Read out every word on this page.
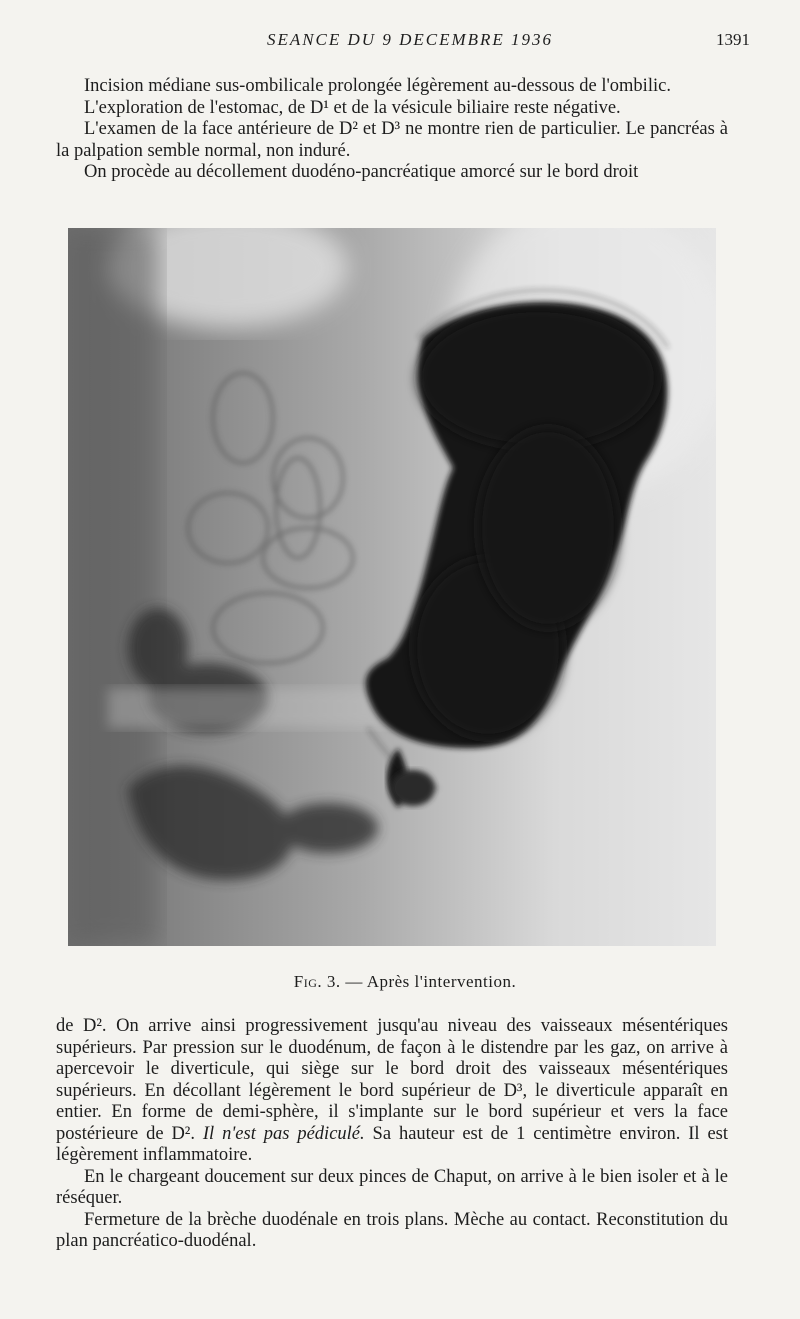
SEANCE DU 9 DECEMBRE 1936	1391

Incision médiane sus-ombilicale prolongée légèrement au-dessous de l'ombilic.

L'exploration de l'estomac, de D¹ et de la vésicule biliaire reste négative.

L'examen de la face antérieure de D² et D³ ne montre rien de particulier. Le pancréas à la palpation semble normal, non induré.

On procède au décollement duodéno-pancréatique amorcé sur le bord droit

Fig. 3. — Après l'intervention.

de D². On arrive ainsi progressivement jusqu'au niveau des vaisseaux mésentériques supérieurs. Par pression sur le duodénum, de façon à le distendre par les gaz, on arrive à apercevoir le diverticule, qui siège sur le bord droit des vaisseaux mésentériques supérieurs. En décollant légèrement le bord supérieur de D³, le diverticule apparaît en entier. En forme de demi-sphère, il s'implante sur le bord supérieur et vers la face postérieure de D². Il n'est pas pédiculé. Sa hauteur est de 1 centimètre environ. Il est légèrement inflammatoire.

En le chargeant doucement sur deux pinces de Chaput, on arrive à le bien isoler et à le réséquer.

Fermeture de la brèche duodénale en trois plans. Mèche au contact. Reconstitution du plan pancréatico-duodénal.
